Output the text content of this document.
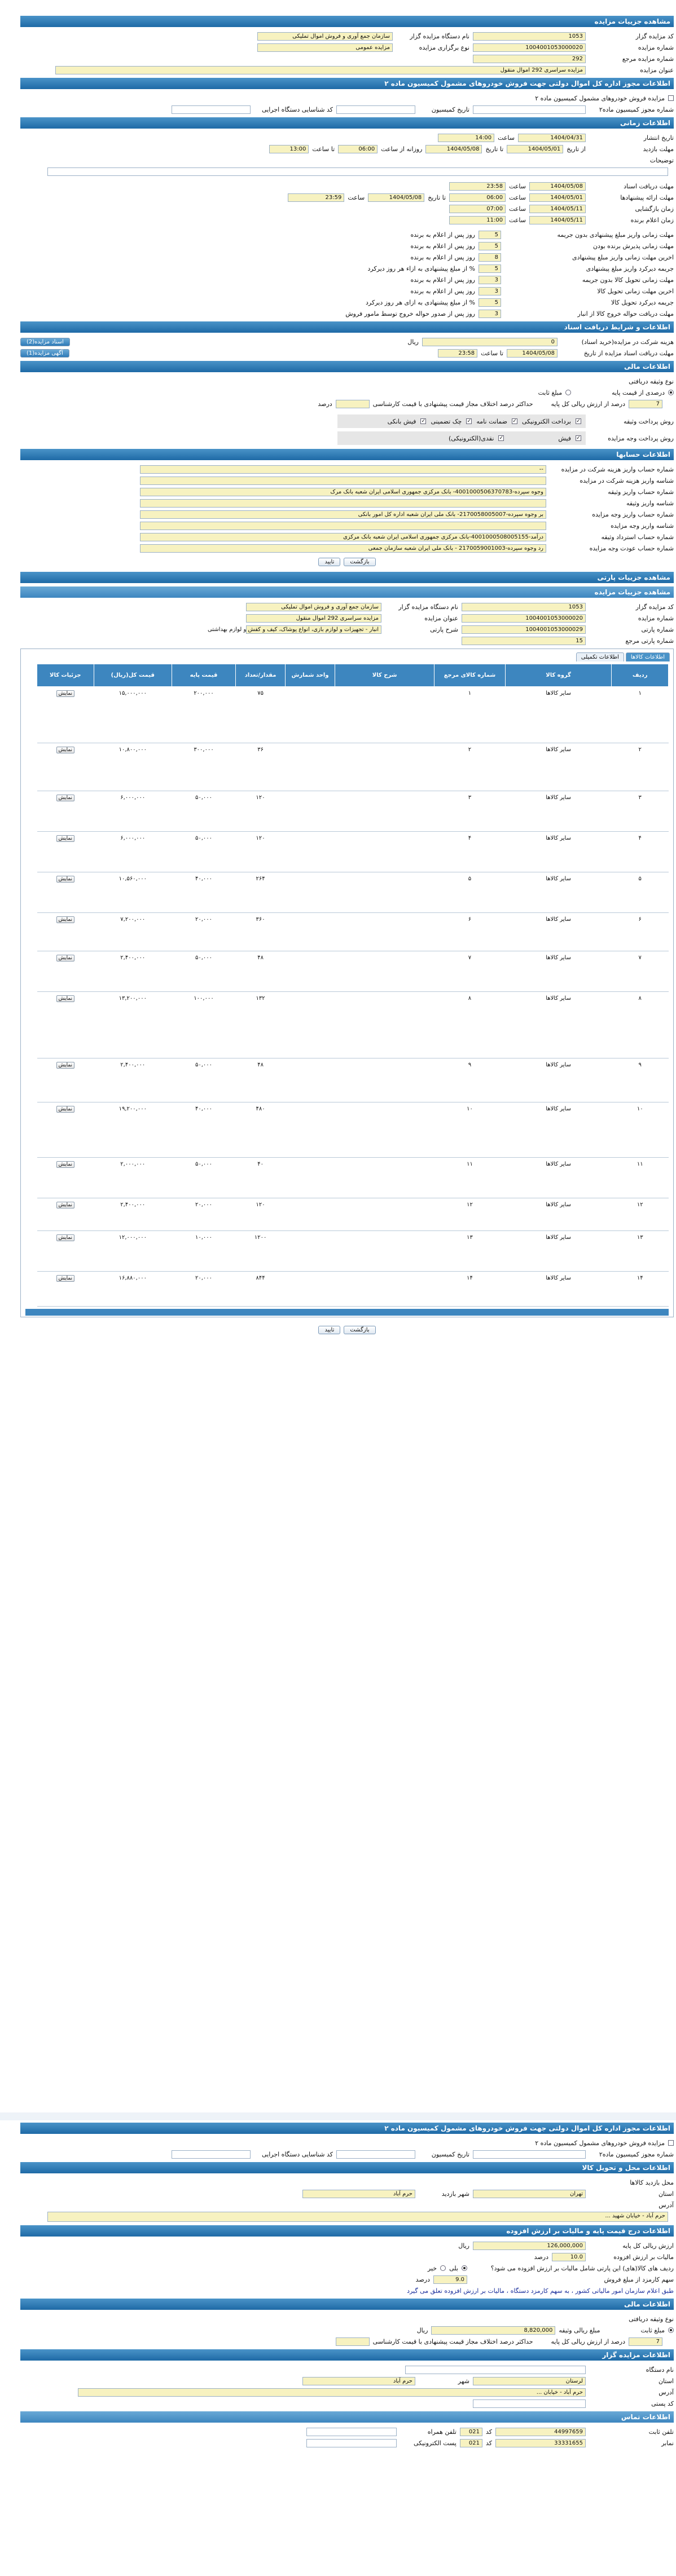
مشاهده جزییات مزایده
کد مزایده گزار
1053
نام دستگاه مزایده گزار
سازمان جمع آوری و فروش اموال تملیکی
شماره مزایده
1004001053000020
نوع برگزاری مزایده
مزایده عمومی
شماره مزایده مرجع
292
عنوان مزایده
مزایده سراسری 292 اموال منقول
اطلاعات مجوز اداره کل اموال دولتی جهت فروش خودروهای مشمول کمیسیون ماده ۲
مزایده فروش خودروهای مشمول کمیسیون ماده ۲
شماره مجوز کمیسیون ماده۲
تاریخ کمیسیون
کد شناسایی دستگاه اجرایی
اطلاعات زمانی
تاریخ انتشار
1404/04/31
ساعت
14:00
مهلت بازدید
از تاریخ
1404/05/01
تا تاریخ
1404/05/08
روزانه از ساعت
06:00
تا ساعت
13:00
توضیحات
مهلت دریافت اسناد
1404/05/08
ساعت
23:58
مهلت ارائه پیشنهادها
1404/05/01
ساعت
06:00
تا تاریخ
1404/05/08
ساعت
23:59
زمان بازگشایی
1404/05/11
ساعت
07:00
زمان اعلام برنده
1404/05/11
ساعت
11:00
مهلت زمانی واریز مبلغ پیشنهادی بدون جریمه
5
روز پس از اعلام به برنده
مهلت زمانی پذیرش برنده بودن
5
روز پس از اعلام به برنده
اخرین مهلت زمانی واریز مبلغ پیشنهادی
8
روز پس از اعلام به برنده
جریمه دیرکرد واریز مبلغ پیشنهادی
5
% از مبلغ پیشنهادی به ازاء هر روز دیرکرد
مهلت زمانی تحویل کالا بدون جریمه
3
روز پس از اعلام به برنده
اخرین مهلت زمانی تحویل کالا
3
روز پس از اعلام به برنده
جریمه دیرکرد تحویل کالا
5
% از مبلغ پیشنهادی به ازای هر روز دیرکرد
مهلت دریافت حواله خروج کالا از انبار
3
روز پس از صدور حواله خروج توسط مامور فروش
اطلاعات و شرایط دریافت اسناد
هزینه شرکت در مزایده(خرید اسناد)
0
ریال
اسناد مزایده(2)
مهلت دریافت اسناد مزایده از تاریخ
1404/05/08
تا ساعت
23:58
آگهی مزایده(1)
اطلاعات مالی
نوع وثیقه دریافتی
درصدی از قیمت پایه
مبلغ ثابت
7
درصد از ارزش ریالی کل پایه
حداکثر درصد اختلاف مجاز قیمت پیشنهادی با قیمت کارشناسی
درصد
روش پرداخت وثیقه
✓
برداخت الکترونیکی
✓
ضمانت نامه
✓
چک تضمینی
✓
فیش بانکی
روش پرداخت وجه مزایده
✓
فیش
✓
نقدی(الکترونیکی)
اطلاعات حسابها
شماره حساب واریز هزینه شرکت در مزایده
--
شناسه واریز هزینه شرکت در مزایده
شماره حساب واریز وثیقه
وجوه سپرده-4001000506370783- بانک مرکزی جمهوری اسلامی ایران شعبه بانک مرک
شناسه واریز وثیقه
شماره حساب واریز وجه مزایده
بر وجوه سپرده-2170058005007- بانک ملی ایران شعبه اداره کل امور بانکی
شناسه واریز وجه مزایده
شماره حساب استرداد وثیقه
درآمد-4001000508005155-بانک مرکزی جمهوری اسلامی ایران شعبه بانک مرکزی
شماره حساب عودت وجه مزایده
رد وجوه سپرده-2170059001003 - بانک ملی ایران شعبه سازمان جمعی
بازگشت
تایید
مشاهده جزییات پارتی
مشاهده جزییات مزایده
کد مزایده گزار
1053
نام دستگاه مزایده گزار
سازمان جمع آوری و فروش اموال تملیکی
شماره مزایده
1004001053000020
عنوان مزایده
مزایده سراسری 292 اموال منقول
شماره پارتی
1004001053000029
شرح پارتی
انبار - تجهیزات و لوازم بازی، انواع پوشاک، کیف و کفش و لوازم بهداشتی
شماره پارتی مرجع
15
اطلاعات کالاها
اطلاعات تکمیلی
ردیف	گروه کالا	شماره کالای مرجع	شرح کالا	واحد شمارش	مقدار/تعداد	قیمت پایه	قیمت کل(ریال)	جزئیات کالا
۱	سایر کالاها	۱			۷۵	۲۰۰,۰۰۰	۱۵,۰۰۰,۰۰۰	نمایش
۲	سایر کالاها	۲			۳۶	۳۰۰,۰۰۰	۱۰,۸۰۰,۰۰۰	نمایش
۳	سایر کالاها	۳			۱۲۰	۵۰,۰۰۰	۶,۰۰۰,۰۰۰	نمایش
۴	سایر کالاها	۴			۱۲۰	۵۰,۰۰۰	۶,۰۰۰,۰۰۰	نمایش
۵	سایر کالاها	۵			۲۶۴	۴۰,۰۰۰	۱۰,۵۶۰,۰۰۰	نمایش
۶	سایر کالاها	۶			۳۶۰	۲۰,۰۰۰	۷,۲۰۰,۰۰۰	نمایش
۷	سایر کالاها	۷			۴۸	۵۰,۰۰۰	۲,۴۰۰,۰۰۰	نمایش
۸	سایر کالاها	۸			۱۳۲	۱۰۰,۰۰۰	۱۳,۲۰۰,۰۰۰	نمایش
۹	سایر کالاها	۹			۴۸	۵۰,۰۰۰	۲,۴۰۰,۰۰۰	نمایش
۱۰	سایر کالاها	۱۰			۴۸۰	۴۰,۰۰۰	۱۹,۲۰۰,۰۰۰	نمایش
۱۱	سایر کالاها	۱۱			۴۰	۵۰,۰۰۰	۲,۰۰۰,۰۰۰	نمایش
۱۲	سایر کالاها	۱۲			۱۲۰	۲۰,۰۰۰	۲,۴۰۰,۰۰۰	نمایش
۱۳	سایر کالاها	۱۳			۱۲۰۰	۱۰,۰۰۰	۱۲,۰۰۰,۰۰۰	نمایش
۱۴	سایر کالاها	۱۴			۸۴۴	۲۰,۰۰۰	۱۶,۸۸۰,۰۰۰	نمایش
بازگشت
تایید
اطلاعات مجوز اداره کل اموال دولتی جهت فروش خودروهای مشمول کمیسیون ماده ۲
مزایده فروش خودروهای مشمول کمیسیون ماده ۲
شماره مجوز کمیسیون ماده۲
تاریخ کمیسیون
کد شناسایی دستگاه اجرایی
اطلاعات محل و تحویل کالا
محل بازدید کالاها
استان
تهران
شهر بازدید
حرم آباد
آدرس
حرم آباد - خیابان شهید ...
اطلاعات درج قیمت پایه و مالیات بر ارزش افزوده
ارزش ریالی کل پایه
126,000,000
ریال
مالیات بر ارزش افزوده
10.0
درصد
ردیف های کالا(های) این پارتی شامل مالیات بر ارزش افزوده می شود؟
بلی
خیر
سهم کارمزد از مبلغ فروش
9.0
درصد
طبق اعلام سازمان امور مالیاتی کشور ، به سهم کارمزد دستگاه ، مالیات بر ارزش افزوده تعلق می گیرد
اطلاعات مالی
نوع وثیقه دریافتی
مبلغ ثابت
مبلغ ریالی وثیقه
8,820,000
ریال
7
درصد از ارزش ریالی کل پایه
حداکثر درصد اختلاف مجاز قیمت پیشنهادی با قیمت کارشناسی
اطلاعات مزایده گزار
نام دستگاه
استان
لرستان
شهر
حرم آباد
آدرس
حرم آباد - خیابان ...
کد پستی
اطلاعات تماس
تلفن ثابت
44997659
کد
021
تلفن همراه
نمابر
33331655
کد
021
پست الکترونیکی
